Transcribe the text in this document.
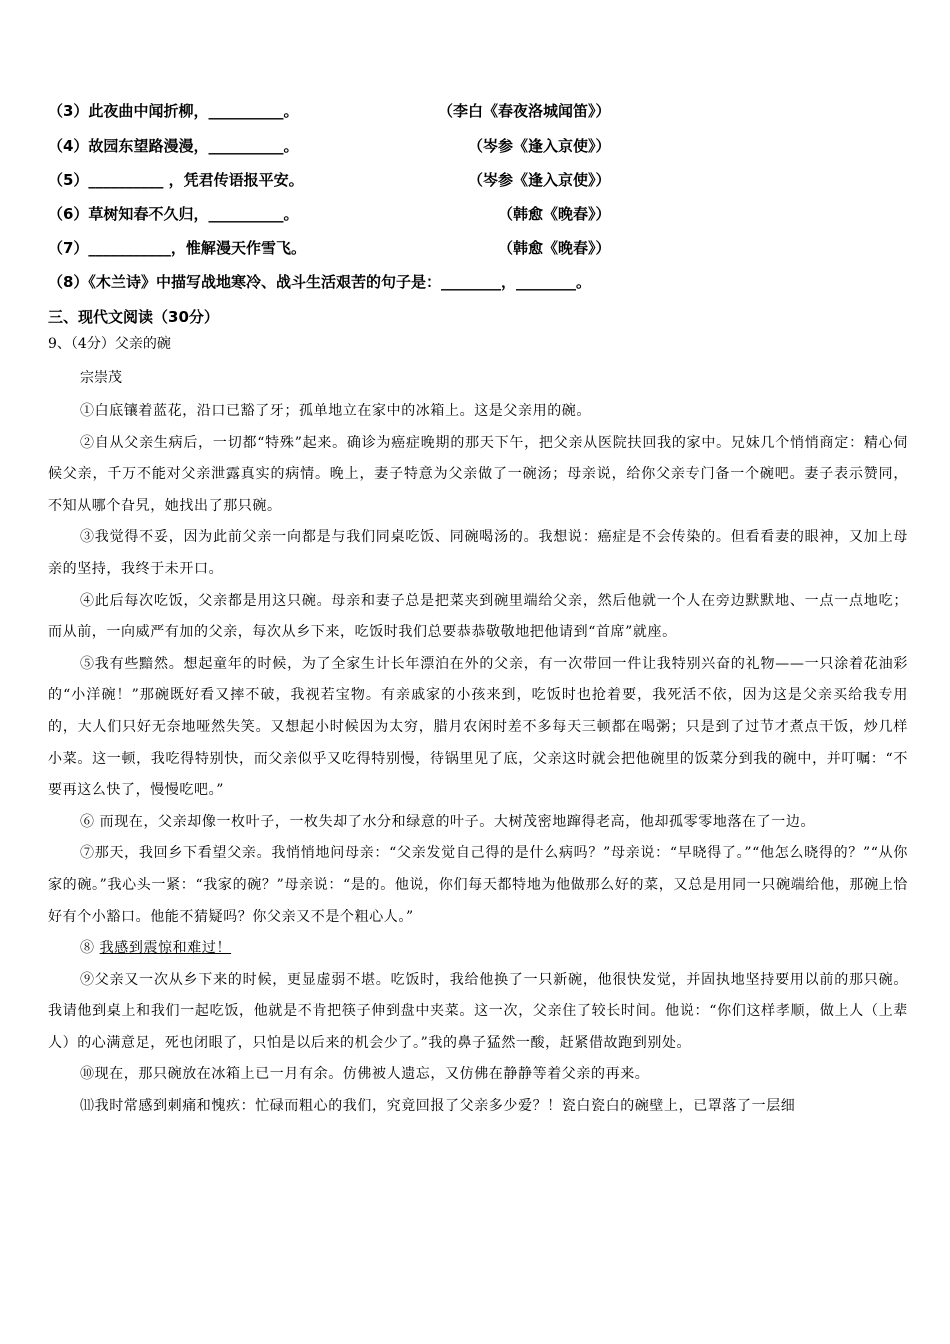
（3）此夜曲中闻折柳，__________。	（李白《春夜洛城闻笛》）
（4）故园东望路漫漫，__________。	（岑参《逢入京使》）
（5）__________ ，凭君传语报平安。	（岑参《逢入京使》）
（6）草树知春不久归，__________。	（韩愈《晚春》）
（7）___________，惟解漫天作雪飞。	（韩愈《晚春》）
（8）《木兰诗》中描写战地寒冷、战斗生活艰苦的句子是：________，________。
三、现代文阅读（30分）
9、（4分）父亲的碗
宗崇茂

①白底镶着蓝花，沿口已豁了牙；孤单地立在家中的冰箱上。这是父亲用的碗。

②自从父亲生病后，一切都“特殊”起来。确诊为癌症晚期的那天下午，把父亲从医院扶回我的家中。兄妹几个悄悄商定：精心伺候父亲，千万不能对父亲泄露真实的病情。晚上，妻子特意为父亲做了一碗汤；母亲说，给你父亲专门备一个碗吧。妻子表示赞同，不知从哪个旮旯，她找出了那只碗。

③我觉得不妥，因为此前父亲一向都是与我们同桌吃饭、同碗喝汤的。我想说：癌症是不会传染的。但看看妻的眼神，又加上母亲的坚持，我终于未开口。

④此后每次吃饭，父亲都是用这只碗。母亲和妻子总是把菜夹到碗里端给父亲，然后他就一个人在旁边默默地、一点一点地吃；而从前，一向威严有加的父亲，每次从乡下来，吃饭时我们总要恭恭敬敬地把他请到“首席”就座。

⑤我有些黯然。想起童年的时候，为了全家生计长年漂泊在外的父亲，有一次带回一件让我特别兴奋的礼物——一只涂着花油彩的“小洋碗！”那碗既好看又摔不破，我视若宝物。有亲戚家的小孩来到，吃饭时也抢着要，我死活不依，因为这是父亲买给我专用的，大人们只好无奈地哑然失笑。又想起小时候因为太穷，腊月农闲时差不多每天三顿都在喝粥；只是到了过节才煮点干饭，炒几样小菜。这一顿，我吃得特别快，而父亲似乎又吃得特别慢，待锅里见了底，父亲这时就会把他碗里的饭菜分到我的碗中，并叮嘱：“不要再这么快了，慢慢吃吧。”

⑥ 而现在，父亲却像一枚叶子，一枚失却了水分和绿意的叶子。大树茂密地蹿得老高，他却孤零零地落在了一边。

⑦那天，我回乡下看望父亲。我悄悄地问母亲：“父亲发觉自己得的是什么病吗？”母亲说：“早晓得了。”“他怎么晓得的？”“从你家的碗。”我心头一紧：“我家的碗？”母亲说：“是的。他说，你们每天都特地为他做那么好的菜，又总是用同一只碗端给他，那碗上恰好有个小豁口。他能不猜疑吗？你父亲又不是个粗心人。”

⑧ 我感到震惊和难过！

⑨父亲又一次从乡下来的时候，更显虚弱不堪。吃饭时，我给他换了一只新碗，他很快发觉，并固执地坚持要用以前的那只碗。我请他到桌上和我们一起吃饭，他就是不肯把筷子伸到盘中夹菜。这一次，父亲住了较长时间。他说：“你们这样孝顺，做上人（上辈人）的心满意足，死也闭眼了，只怕是以后来的机会少了。”我的鼻子猛然一酸，赶紧借故跑到别处。

⑩现在，那只碗放在冰箱上已一月有余。仿佛被人遗忘，又仿佛在静静等着父亲的再来。

⑾我时常感到刺痛和愧疚：忙碌而粗心的我们，究竟回报了父亲多少爱？！瓷白瓷白的碗壁上，已罩落了一层细
